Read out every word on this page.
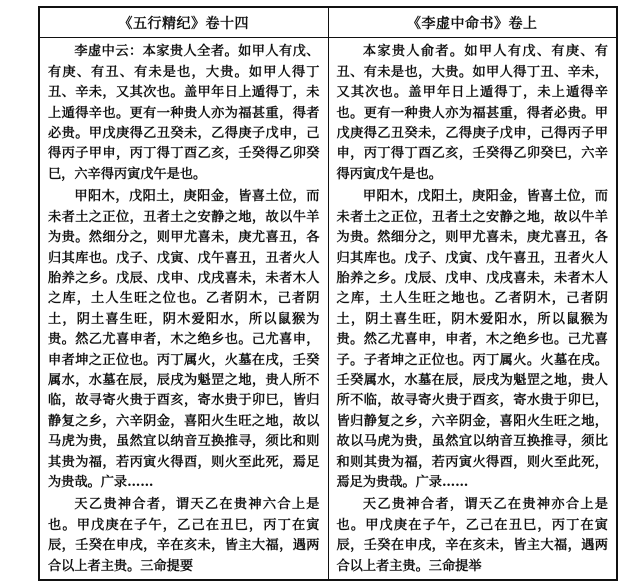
《五行精纪》卷十四

李虚中云：本家贵人全者。如甲人有戊、有庚、有丑、有未是也，大贵。如甲人得丁丑、辛未，又其次也。盖甲年日上遁得丁，未上遁得辛也。更有一种贵人亦为福甚重，得者必贵。甲戊庚得乙丑癸未，乙得庚子戊申，己得丙子甲申，丙丁得丁酉乙亥，壬癸得乙卯癸巳，六辛得丙寅戊午是也。

甲阳木，戊阳土，庚阳金，皆喜土位，而未者土之正位，丑者土之安静之地，故以牛羊为贵。然细分之，则甲尤喜未，庚尤喜丑，各归其库也。戊子、戊寅、戊午喜丑，丑者火人胎养之乡。戊辰、戊申、戊戌喜未，未者木人之库，土人生旺之位也。乙者阴木，己者阴土，阴土喜生旺，阴木爱阳水，所以鼠猴为贵。然乙尤喜申者，木之绝乡也。己尤喜申，申者坤之正位也。丙丁属火，火墓在戌，壬癸属水，水墓在辰，辰戌为魁罡之地，贵人所不临，故寻寄火贵于酉亥，寄水贵于卯巳，皆归静复之乡，六辛阴金，喜阳火生旺之地，故以马虎为贵，虽然宜以纳音互换推寻，须比和则其贵为福，若丙寅火得酉，则火至此死，焉足为贵哉。广录……

天乙贵神合者，谓天乙在贵神六合上是也。甲戊庚在子午，乙己在丑巳，丙丁在寅辰，壬癸在申戌，辛在亥未，皆主大福，遇两合以上者主贵。三命提要

《李虚中命书》卷上

本家贵人俞者。如甲人有戊、有庚、有丑、有未是也，大贵。如甲人得丁丑、辛未，又其次也。盖甲年日上遁得丁，未上遁得辛也。更有一种贵人亦为福甚重，得者必贵。甲戊庚得乙丑癸未，乙得庚子戊申，己得丙子甲申，丙丁得丁酉乙亥，壬癸得乙卯癸巳，六辛得丙寅戊午是也。

甲阳木，戊阳土，庚阳金，皆喜土位，而未者土之正位，丑者土之安静之地，故以牛羊为贵。然细分之，则甲尤喜未，庚尤喜丑，各归其库也。戊子、戊寅、戊午喜丑，丑者火人胎养之乡。戊辰、戊申、戊戌喜未，未者木人之库，土人生旺之地也。乙者阴木，己者阴土，阴土喜生旺，阴木爱阳水，所以鼠猴为贵。然乙尤喜申，申者，木之绝乡也。己尤喜子。子者坤之正位也。丙丁属火。火墓在戌。壬癸属水，水墓在辰，辰戌为魁罡之地，贵人所不临，故寻寄火贵于酉亥，寄水贵于卯巳，皆归静复之乡，六辛阴金，喜阳火生旺之地，故以马虎为贵，虽然宜以纳音互换推寻，须比和则其贵为福，若丙寅火得酉，则火至此死，焉足为贵哉。广录……

天乙贵神合者，谓天乙在贵神亦合上是也。甲戊庚在子午，乙己在丑巳，丙丁在寅辰，壬癸在申戌，辛在亥未，皆主大福，遇两合以上者主贵。三命提举
